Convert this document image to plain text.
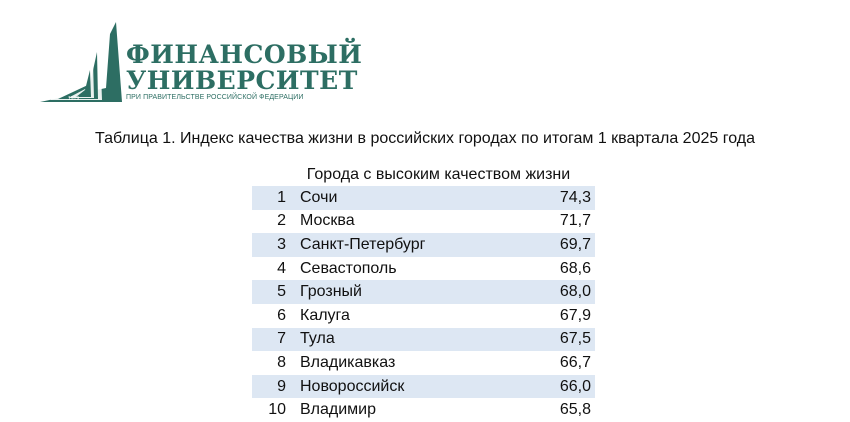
1919
ФИНАНСОВЫЙ
УНИВЕРСИТЕТ
ПРИ ПРАВИТЕЛЬСТВЕ РОССИЙСКОЙ ФЕДЕРАЦИИ
Таблица 1. Индекс качества жизни в российских городах по итогам 1 квартала 2025 года
Города с высоким качеством жизни
1 Сочи	74,3
2 Москва	71,7
3 Санкт-Петербург	69,7
4 Севастополь	68,6
5 Грозный	68,0
6 Калуга	67,9
7 Тула	67,5
8 Владикавказ	66,7
9 Новороссийск	66,0
10 Владимир	65,8
